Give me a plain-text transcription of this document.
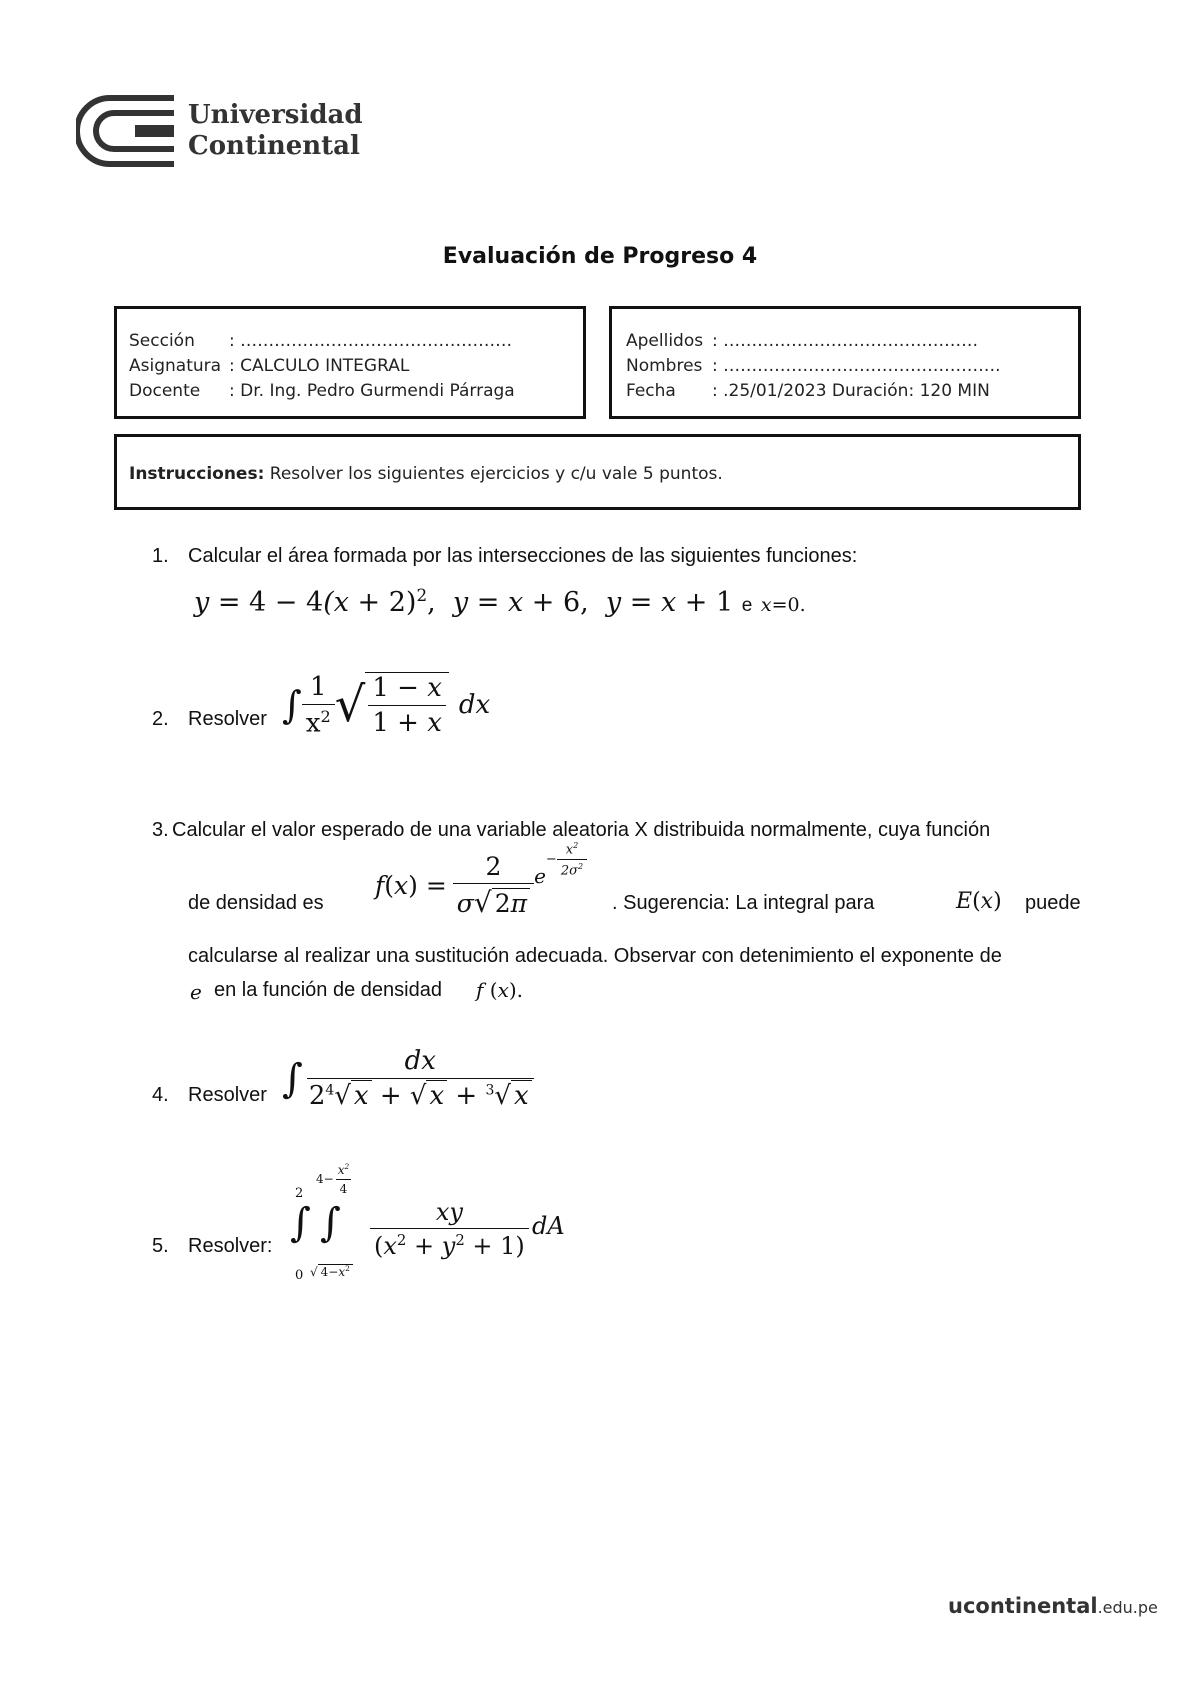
Universidad
Continental
Evaluación de Progreso 4
Sección	: …………………………………………
Asignatura : CALCULO INTEGRAL
Docente	: Dr. Ing. Pedro Gurmendi Párraga
Apellidos : ………………………………………
Nombres : ………………………………………….
Fecha	: .25/01/2023 Duración: 120 MIN
Instrucciones: Resolver los siguientes ejercicios y c/u vale 5 puntos.
1. Calcular el área formada por las intersecciones de las siguientes funciones:
$y = 4 - 4(x + 2)^2$,  y = x + 6,  y = x + 1 e x=0.
2. Resolver ∫ $\frac{1}{x^2}$ √ $\frac{1 - x}{1 + x}$ dx
3. Calcular el valor esperado de una variable aleatoria X distribuida normalmente, cuya función
de densidad es
f ( x ) = $\frac{2}{\sigma√ 2\pi}$ e
− $\frac{x^2}{2\sigma^2}$
. Sugerencia: La integral para	E(x) puede
calcularse al realizar una sustitución adecuada. Observar con detenimiento el exponente de
e en la función de densidad f (x).
4. Resolver ∫ $\frac{dx}{2^4√ x + √ x + ^3√ x}$
5. Resolver:
2
∫
0
$4- \frac{x^2}{4}$
∫
√ $4-x^2$
$\frac{xy}{(x^2 + y^2 + 1)}$ dA
ucontinental.edu.pe
